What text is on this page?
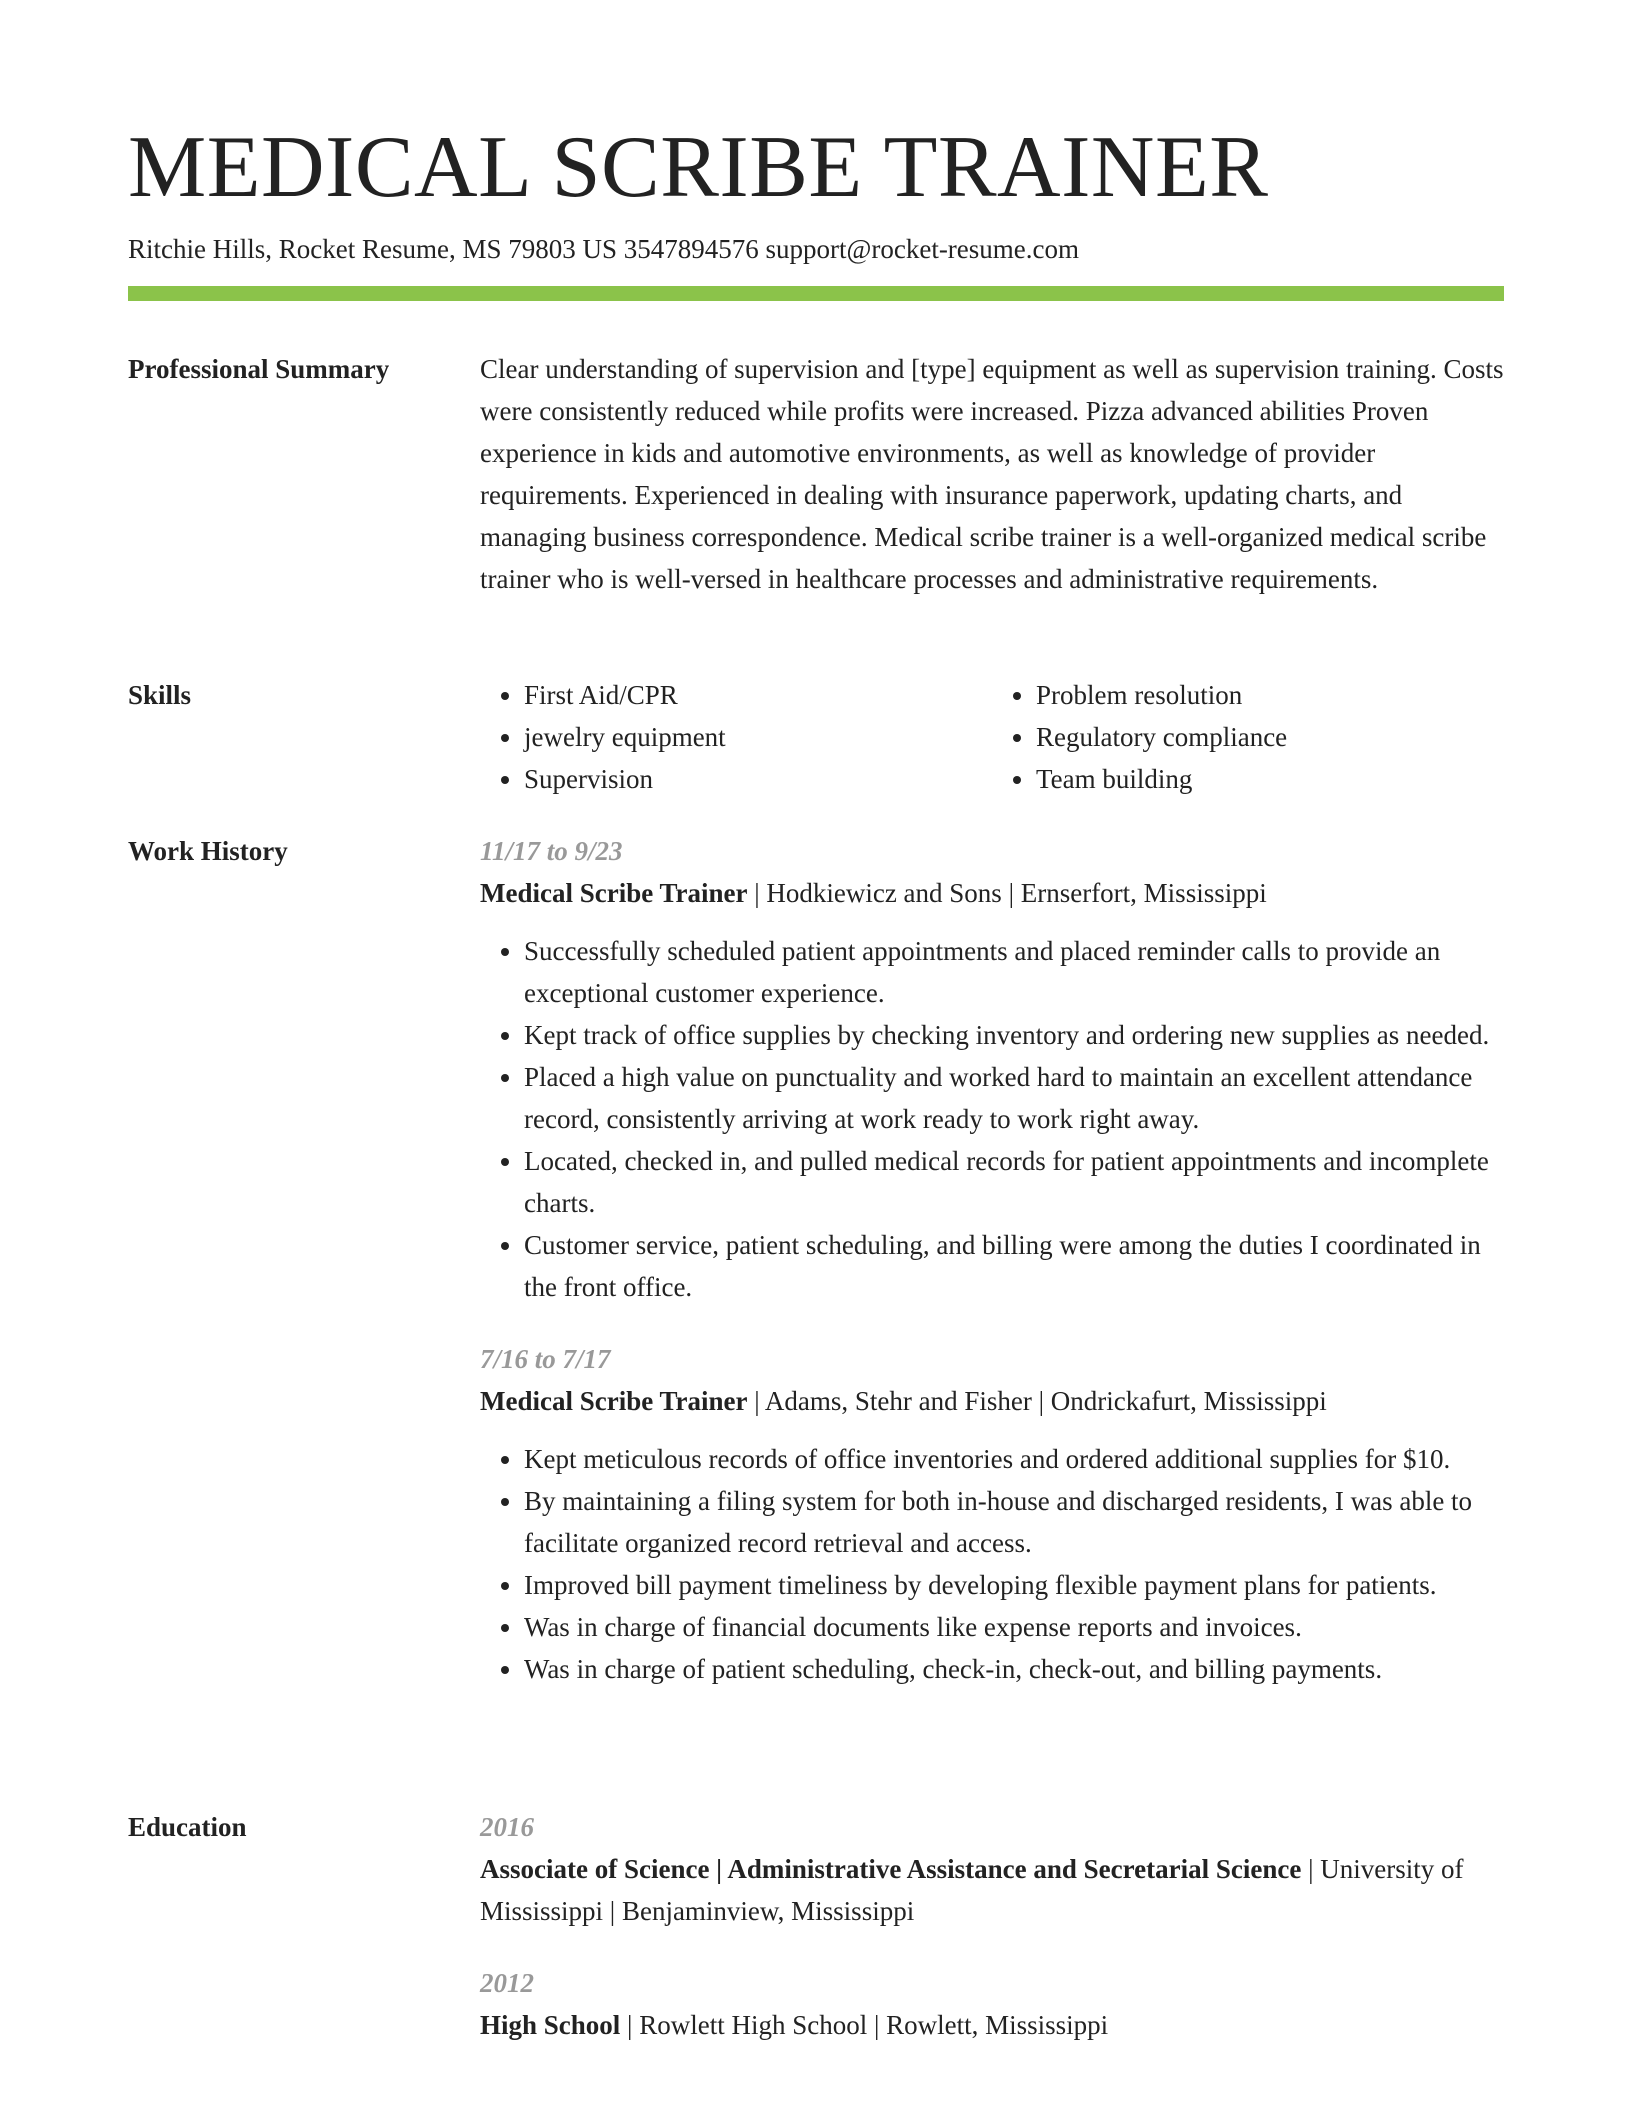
MEDICAL SCRIBE TRAINER
Ritchie Hills, Rocket Resume, MS 79803 US 3547894576 support@rocket-resume.com
Professional Summary	Clear understanding of supervision and [type] equipment as well as supervision training. Costs were consistently reduced while profits were increased. Pizza advanced abilities Proven experience in kids and automotive environments, as well as knowledge of provider requirements. Experienced in dealing with insurance paperwork, updating charts, and managing business correspondence. Medical scribe trainer is a well-organized medical scribe trainer who is well-versed in healthcare processes and administrative requirements.

Skills
•	First Aid/CPR
• jewelry equipment
• Supervision
• Problem resolution
• Regulatory compliance
• Team building
Work History	11/17 to 9/23
Medical Scribe Trainer | Hodkiewicz and Sons | Ernserfort, Mississippi
• Successfully scheduled patient appointments and placed reminder calls to provide an exceptional customer experience.
• Kept track of office supplies by checking inventory and ordering new supplies as needed.
• Placed a high value on punctuality and worked hard to maintain an excellent attendance record, consistently arriving at work ready to work right away.
• Located, checked in, and pulled medical records for patient appointments and incomplete charts.
• Customer service, patient scheduling, and billing were among the duties I coordinated in the front office.
7/16 to 7/17
Medical Scribe Trainer | Adams, Stehr and Fisher | Ondrickafurt, Mississippi
• Kept meticulous records of office inventories and ordered additional supplies for $10.
• By maintaining a filing system for both in-house and discharged residents, I was able to facilitate organized record retrieval and access.
• Improved bill payment timeliness by developing flexible payment plans for patients.
• Was in charge of financial documents like expense reports and invoices.
• Was in charge of patient scheduling, check-in, check-out, and billing payments.
Education	2016
Associate of Science | Administrative Assistance and Secretarial Science | University of Mississippi | Benjaminview, Mississippi
2012
High School | Rowlett High School | Rowlett, Mississippi
